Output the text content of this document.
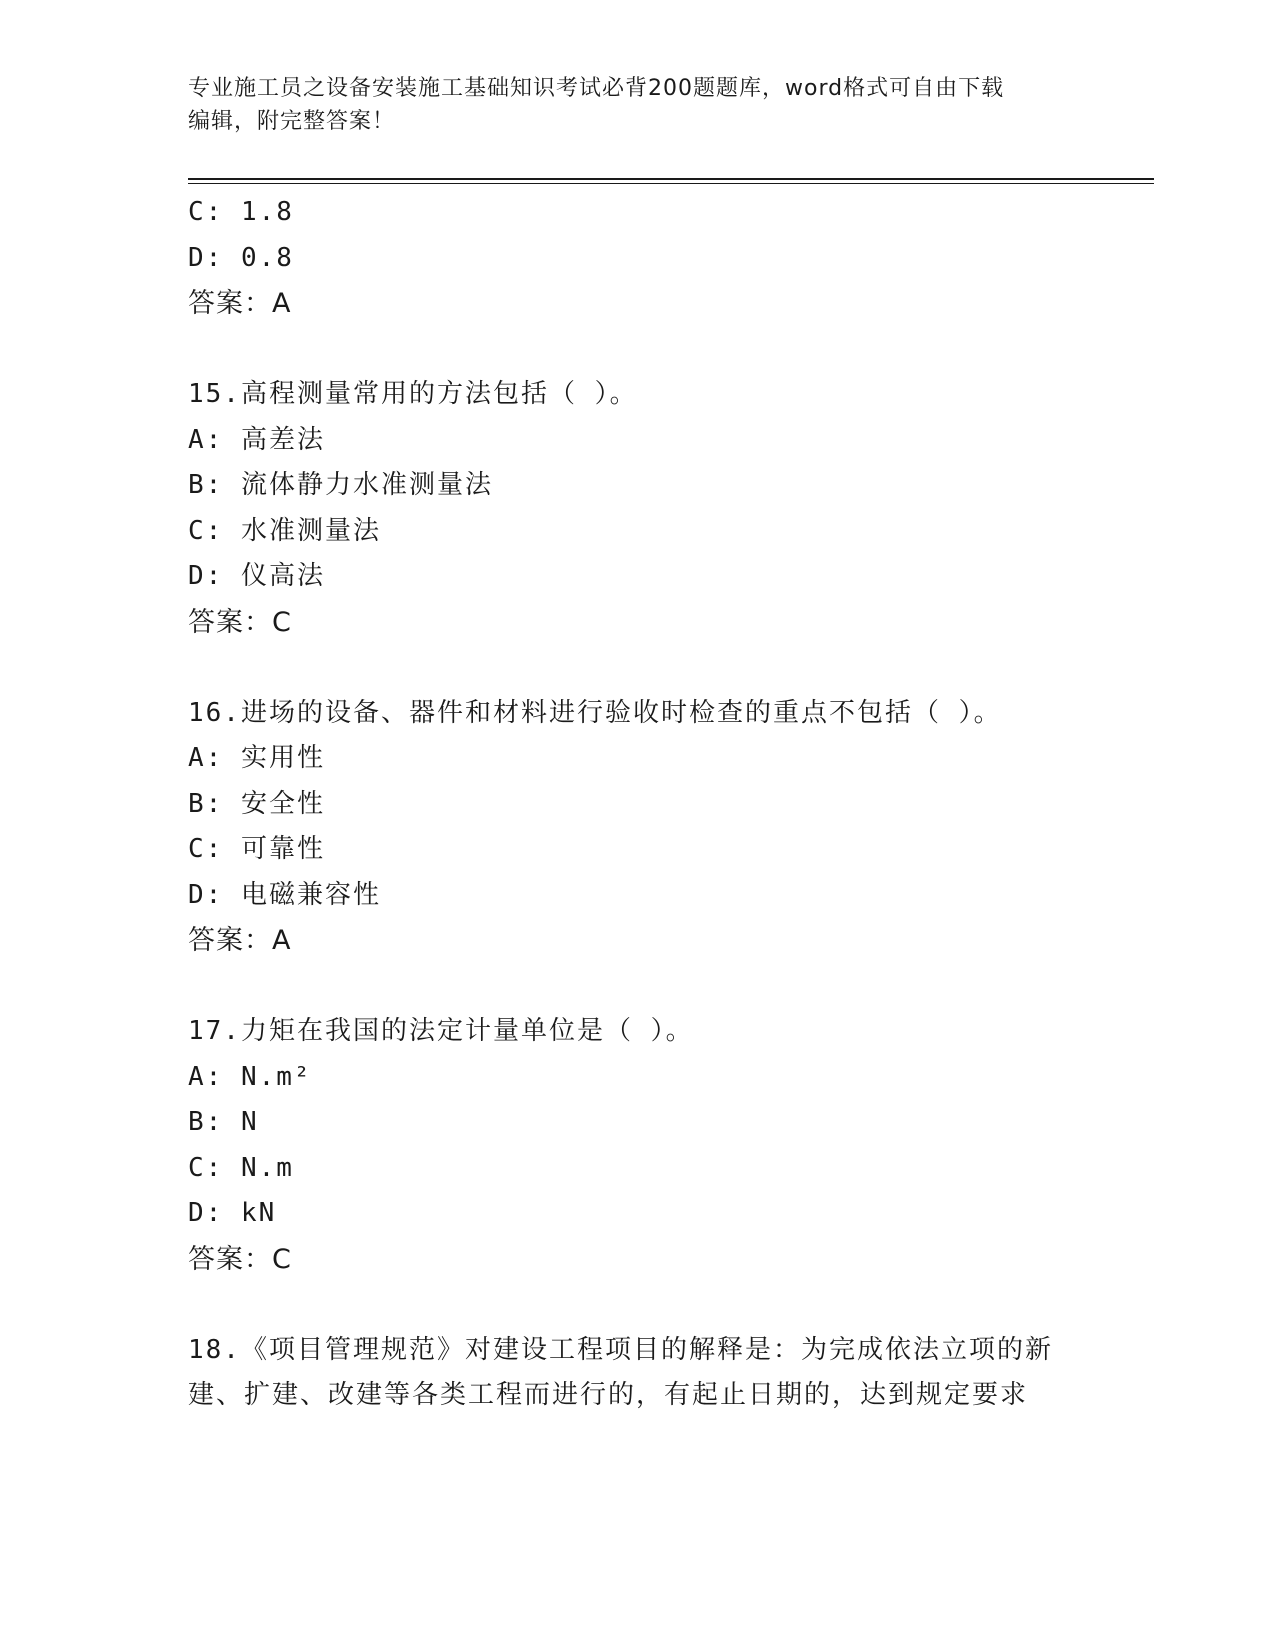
专业施工员之设备安装施工基础知识考试必背200题题库，word格式可自由下载
编辑，附完整答案！
C: 1.8
D: 0.8
答案：A
15.高程测量常用的方法包括（ ）。
A: 高差法
B: 流体静力水准测量法
C: 水准测量法
D: 仪高法
答案：C
16.进场的设备、器件和材料进行验收时检查的重点不包括（ ）。
A: 实用性
B: 安全性
C: 可靠性
D: 电磁兼容性
答案：A
17.力矩在我国的法定计量单位是（ ）。
A: N.m²
B: N
C: N.m
D: kN
答案：C
18.《项目管理规范》对建设工程项目的解释是：为完成依法立项的新
建、扩建、改建等各类工程而进行的，有起止日期的，达到规定要求
